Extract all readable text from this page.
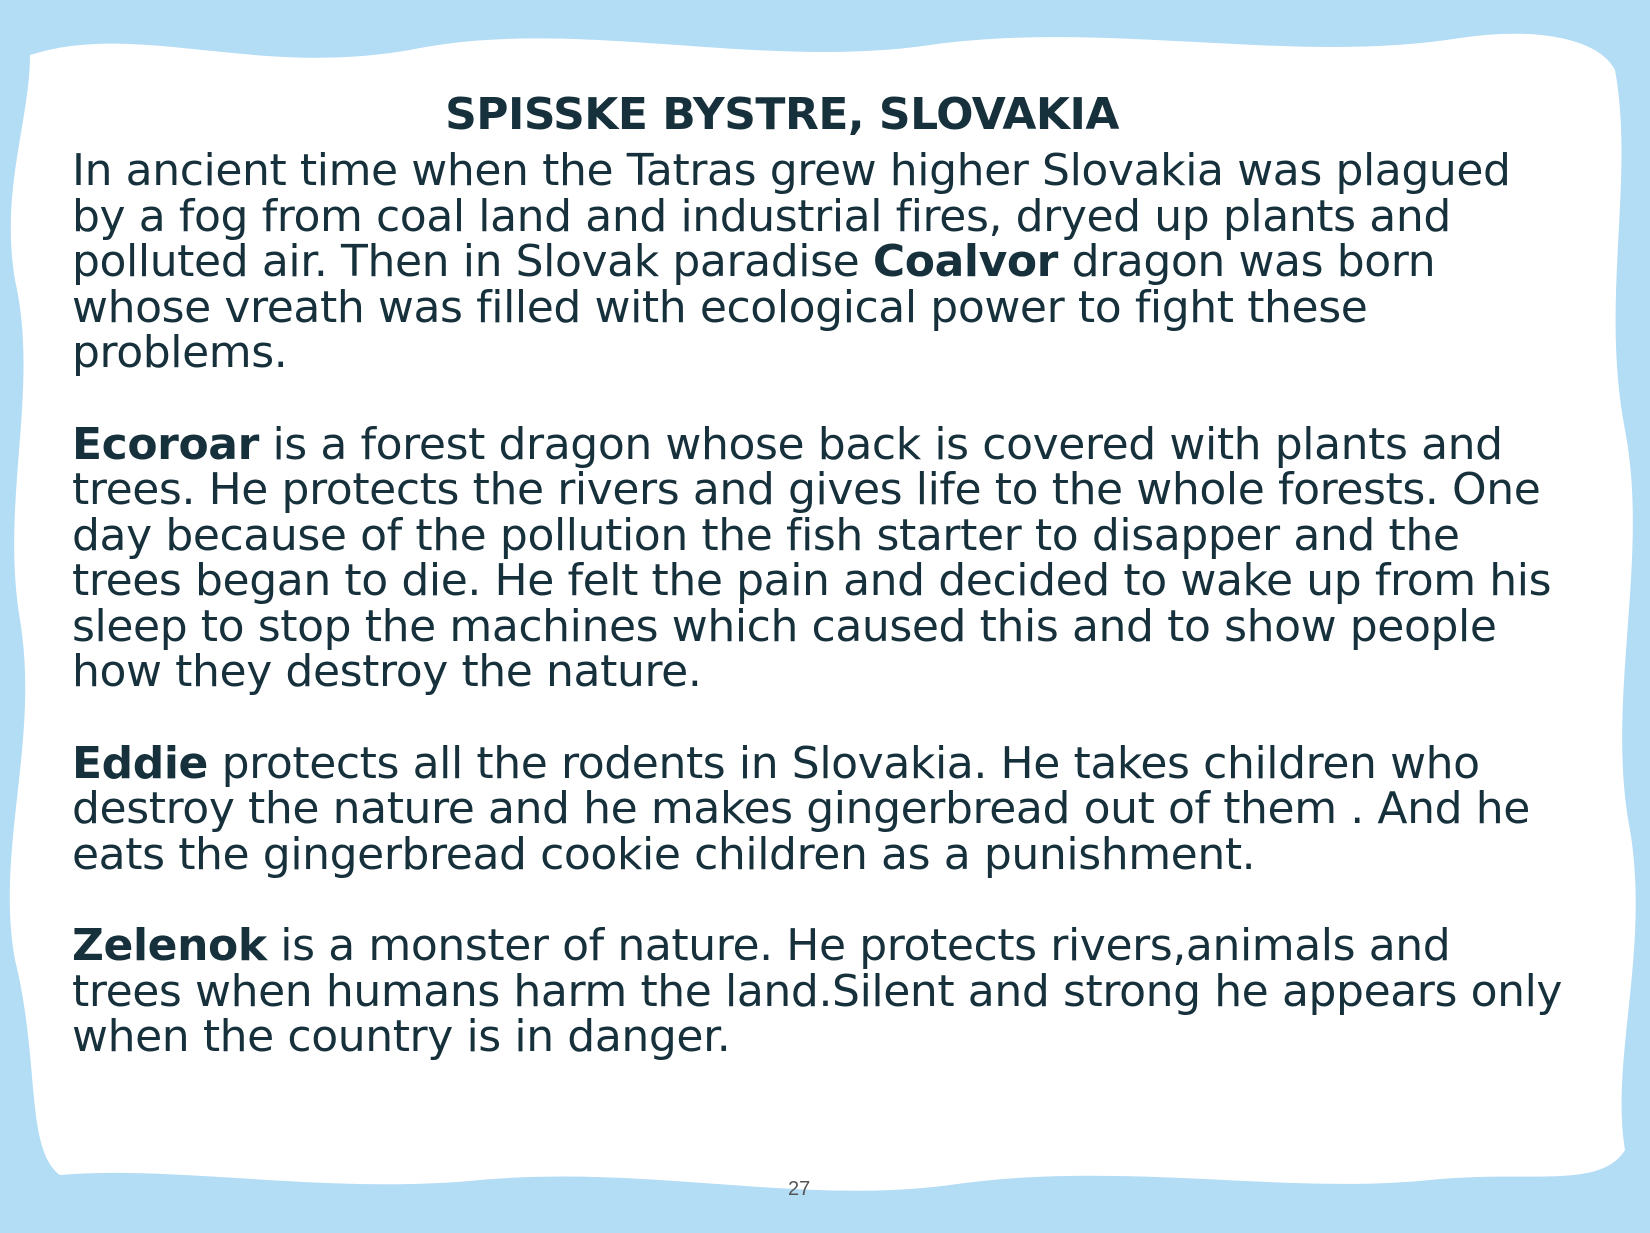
SPISSKE BYSTRE, SLOVAKIA

In ancient time when the Tatras grew higher Slovakia was plagued by a fog from coal land and industrial fires, dryed up plants and polluted air. Then in Slovak paradise Coalvor dragon was born whose vreath was filled with ecological power to fight these problems.

Ecoroar is a forest dragon whose back is covered with plants and trees. He protects the rivers and gives life to the whole forests. One day because of the pollution the fish starter to disapper and the trees began to die. He felt the pain and decided to wake up from his sleep to stop the machines which caused this and to show people how they destroy the nature.

Eddie protects all the rodents in Slovakia. He takes children who destroy the nature and he makes gingerbread out of them . And he eats the gingerbread cookie children as a punishment.

Zelenok is a monster of nature. He protects rivers,animals and trees when humans harm the land.Silent and strong he appears only when the country is in danger.

27
